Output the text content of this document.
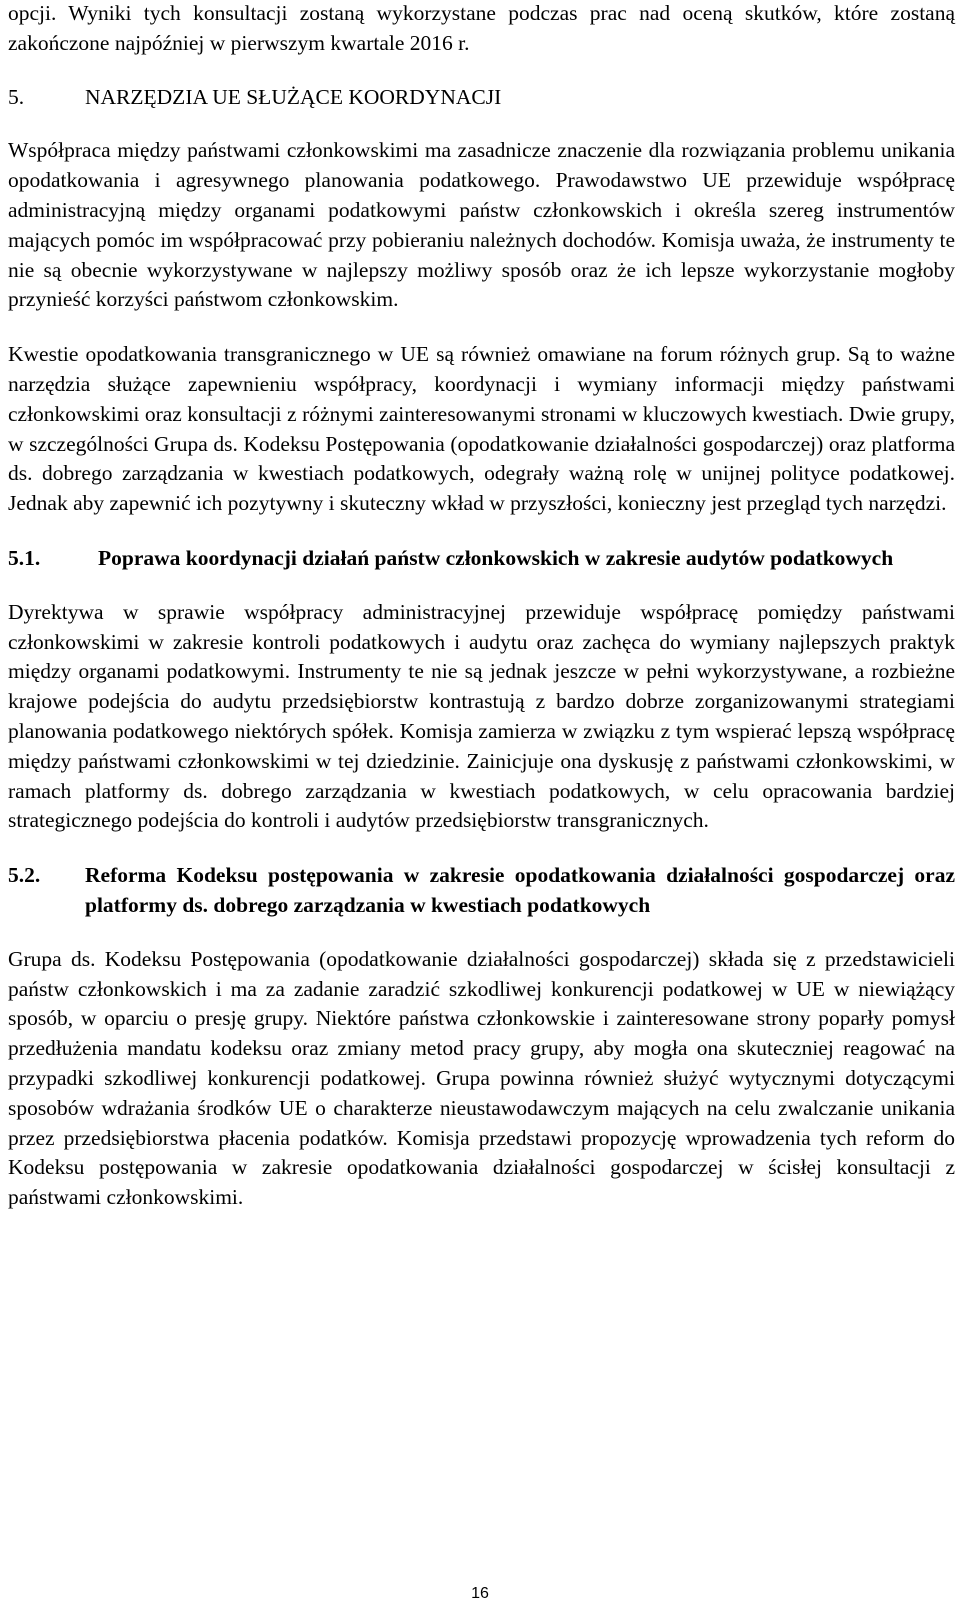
opcji. Wyniki tych konsultacji zostaną wykorzystane podczas prac nad oceną skutków, które zostaną zakończone najpóźniej w pierwszym kwartale 2016 r.

5.	NARZĘDZIA UE SŁUŻĄCE KOORDYNACJI

Współpraca między państwami członkowskimi ma zasadnicze znaczenie dla rozwiązania problemu unikania opodatkowania i agresywnego planowania podatkowego. Prawodawstwo UE przewiduje współpracę administracyjną między organami podatkowymi państw członkowskich i określa szereg instrumentów mających pomóc im współpracować przy pobieraniu należnych dochodów. Komisja uważa, że instrumenty te nie są obecnie wykorzystywane w najlepszy możliwy sposób oraz że ich lepsze wykorzystanie mogłoby przynieść korzyści państwom członkowskim.

Kwestie opodatkowania transgranicznego w UE są również omawiane na forum różnych grup. Są to ważne narzędzia służące zapewnieniu współpracy, koordynacji i wymiany informacji między państwami członkowskimi oraz konsultacji z różnymi zainteresowanymi stronami w kluczowych kwestiach. Dwie grupy, w szczególności Grupa ds. Kodeksu Postępowania (opodatkowanie działalności gospodarczej) oraz platforma ds. dobrego zarządzania w kwestiach podatkowych, odegrały ważną rolę w unijnej polityce podatkowej. Jednak aby zapewnić ich pozytywny i skuteczny wkład w przyszłości, konieczny jest przegląd tych narzędzi.

5.1.	Poprawa koordynacji działań państw członkowskich w zakresie audytów podatkowych

Dyrektywa w sprawie współpracy administracyjnej przewiduje współpracę pomiędzy państwami członkowskimi w zakresie kontroli podatkowych i audytu oraz zachęca do wymiany najlepszych praktyk między organami podatkowymi. Instrumenty te nie są jednak jeszcze w pełni wykorzystywane, a rozbieżne krajowe podejścia do audytu przedsiębiorstw kontrastują z bardzo dobrze zorganizowanymi strategiami planowania podatkowego niektórych spółek. Komisja zamierza w związku z tym wspierać lepszą współpracę między państwami członkowskimi w tej dziedzinie. Zainicjuje ona dyskusję z państwami członkowskimi, w ramach platformy ds. dobrego zarządzania w kwestiach podatkowych, w celu opracowania bardziej strategicznego podejścia do kontroli i audytów przedsiębiorstw transgranicznych.

5.2.	Reforma Kodeksu postępowania w zakresie opodatkowania działalności gospodarczej oraz platformy ds. dobrego zarządzania w kwestiach podatkowych

Grupa ds. Kodeksu Postępowania (opodatkowanie działalności gospodarczej) składa się z przedstawicieli państw członkowskich i ma za zadanie zaradzić szkodliwej konkurencji podatkowej w UE w niewiążący sposób, w oparciu o presję grupy. Niektóre państwa członkowskie i zainteresowane strony poparły pomysł przedłużenia mandatu kodeksu oraz zmiany metod pracy grupy, aby mogła ona skuteczniej reagować na przypadki szkodliwej konkurencji podatkowej. Grupa powinna również służyć wytycznymi dotyczącymi sposobów wdrażania środków UE o charakterze nieustawodawczym mających na celu zwalczanie unikania przez przedsiębiorstwa płacenia podatków. Komisja przedstawi propozycję wprowadzenia tych reform do Kodeksu postępowania w zakresie opodatkowania działalności gospodarczej w ścisłej konsultacji z państwami członkowskimi.

16
